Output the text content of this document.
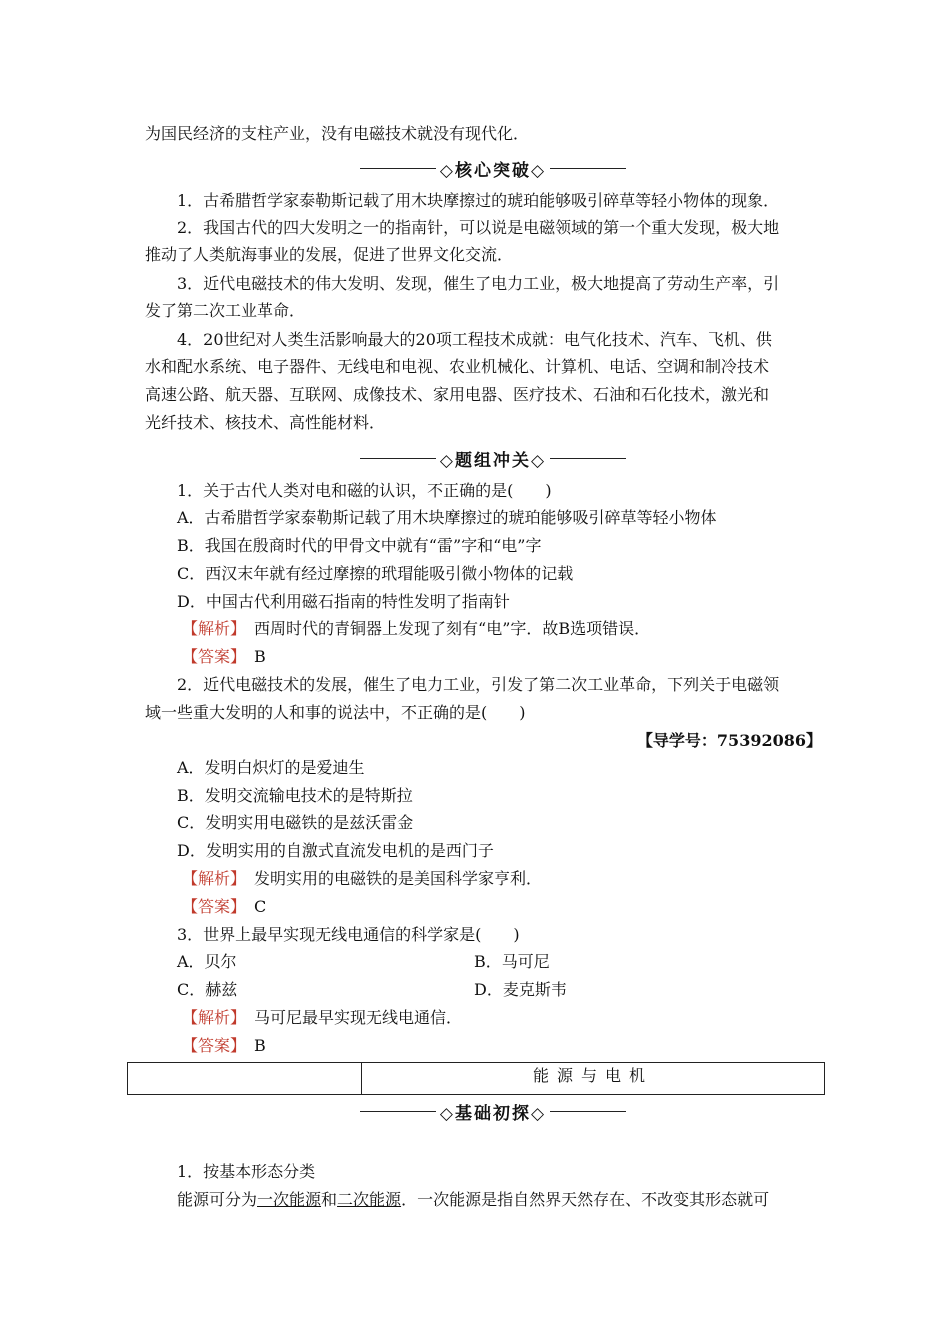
为国民经济的支柱产业，没有电磁技术就没有现代化．
◇核心突破◇
1．古希腊哲学家泰勒斯记载了用木块摩擦过的琥珀能够吸引碎草等轻小物体的现象．
2．我国古代的四大发明之一的指南针，可以说是电磁领域的第一个重大发现，极大地
推动了人类航海事业的发展，促进了世界文化交流．
3．近代电磁技术的伟大发明、发现，催生了电力工业，极大地提高了劳动生产率，引
发了第二次工业革命．
4．20世纪对人类生活影响最大的20项工程技术成就：电气化技术、汽车、飞机、供
水和配水系统、电子器件、无线电和电视、农业机械化、计算机、电话、空调和制冷技术
高速公路、航天器、互联网、成像技术、家用电器、医疗技术、石油和石化技术，激光和
光纤技术、核技术、高性能材料．
◇题组冲关◇
1．关于古代人类对电和磁的认识，不正确的是(　　)
A．古希腊哲学家泰勒斯记载了用木块摩擦过的琥珀能够吸引碎草等轻小物体
B．我国在殷商时代的甲骨文中就有“雷”字和“电”字
C．西汉末年就有经过摩擦的玳瑁能吸引微小物体的记载
D．中国古代利用磁石指南的特性发明了指南针
【解析】　 西周时代的青铜器上发现了刻有“电”字．故B选项错误．
【答案】　 B
2．近代电磁技术的发展，催生了电力工业，引发了第二次工业革命，下列关于电磁领
域一些重大发明的人和事的说法中，不正确的是(　　)
【导学号：75392086】
A．发明白炽灯的是爱迪生
B．发明交流输电技术的是特斯拉
C．发明实用电磁铁的是兹沃雷金
D．发明实用的自激式直流发电机的是西门子
【解析】　 发明实用的电磁铁的是美国科学家亨利．
【答案】　 C
3．世界上最早实现无线电通信的科学家是(　　)
A．贝尔	B．马可尼
C．赫兹	D．麦克斯韦
【解析】　 马可尼最早实现无线电通信．
【答案】　 B
能源与电机
◇基础初探◇
1．按基本形态分类
能源可分为一次能源和二次能源．一次能源是指自然界天然存在、不改变其形态就可
